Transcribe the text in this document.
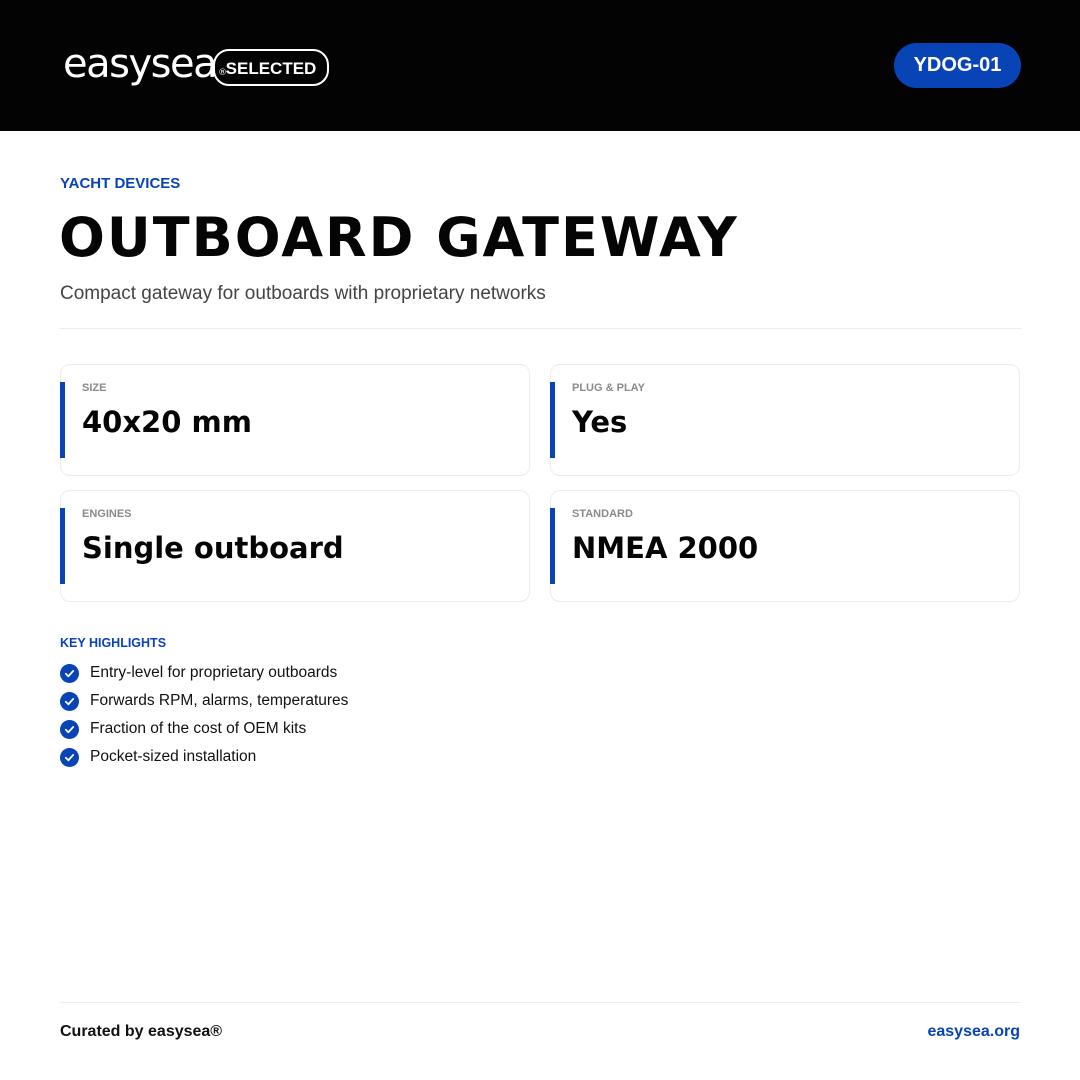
easysea ®
SELECTED	YDOG-01
YACHT DEVICES
OUTBOARD GATEWAY
Compact gateway for outboards with proprietary networks
SIZE
40x20 mm
PLUG & PLAY
Yes
ENGINES
Single outboard
STANDARD
NMEA 2000
KEY HIGHLIGHTS
Entry-level for proprietary outboards
Forwards RPM, alarms, temperatures
Fraction of the cost of OEM kits
Pocket-sized installation
Curated by easysea®	easysea.org
